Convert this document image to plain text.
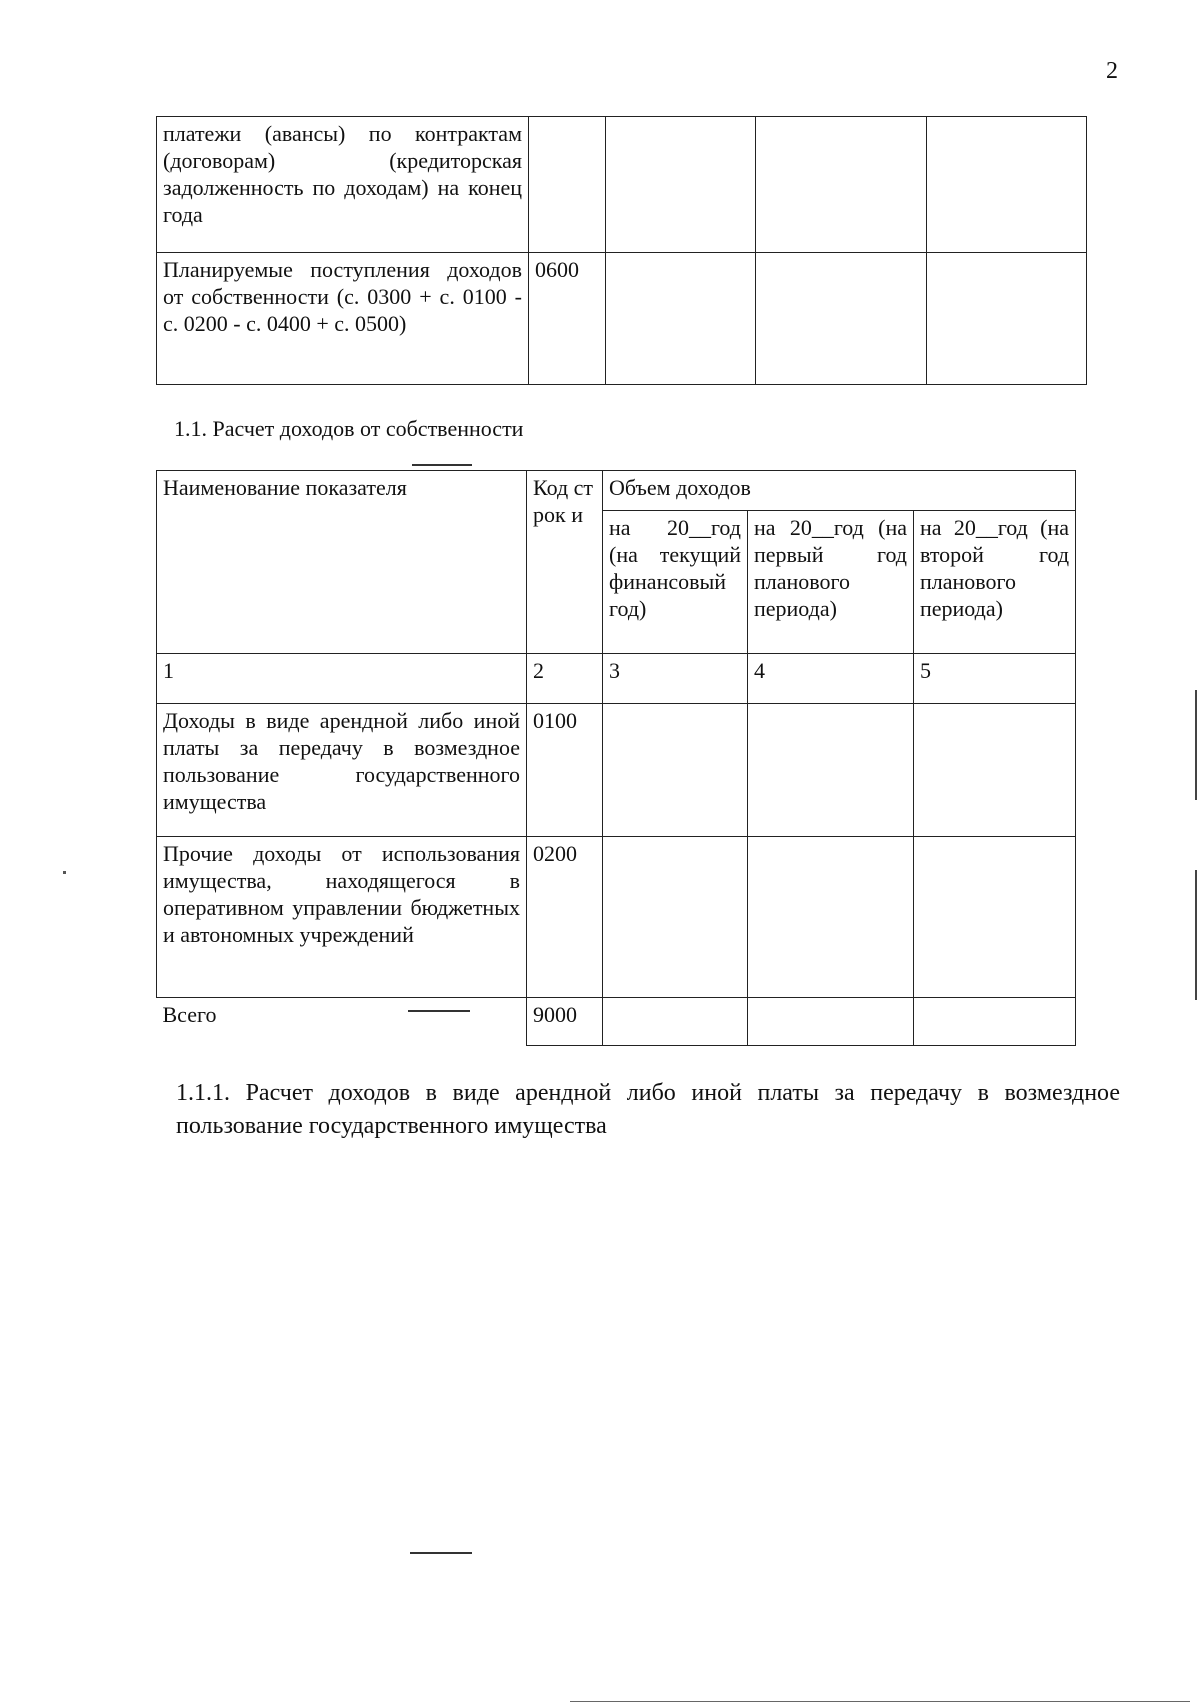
2
платежи (авансы) по контрактам (договорам) (кредиторская задолженность по доходам) на конец года				
Планируемые поступления доходов от собственности (с. 0300 + с. 0100 - с. 0200 - с. 0400 + с. 0500)	0600			
1.1. Расчет доходов от собственности
Наименование показателя	Код строк и	Объем доходов		
		на 20__год (на текущий финансовый год)	на 20__год (на первый год планового периода)	на 20__год (на второй год планового периода)
1	2	3	4	5
Доходы в виде арендной либо иной платы за передачу в возмездное пользование государственного имущества	0100			
Прочие доходы от использования имущества, находящегося в оперативном управлении бюджетных и автономных учреждений	0200			
Всего	9000			
1.1.1. Расчет доходов в виде арендной либо иной платы за передачу в возмездное пользование государственного имущества
